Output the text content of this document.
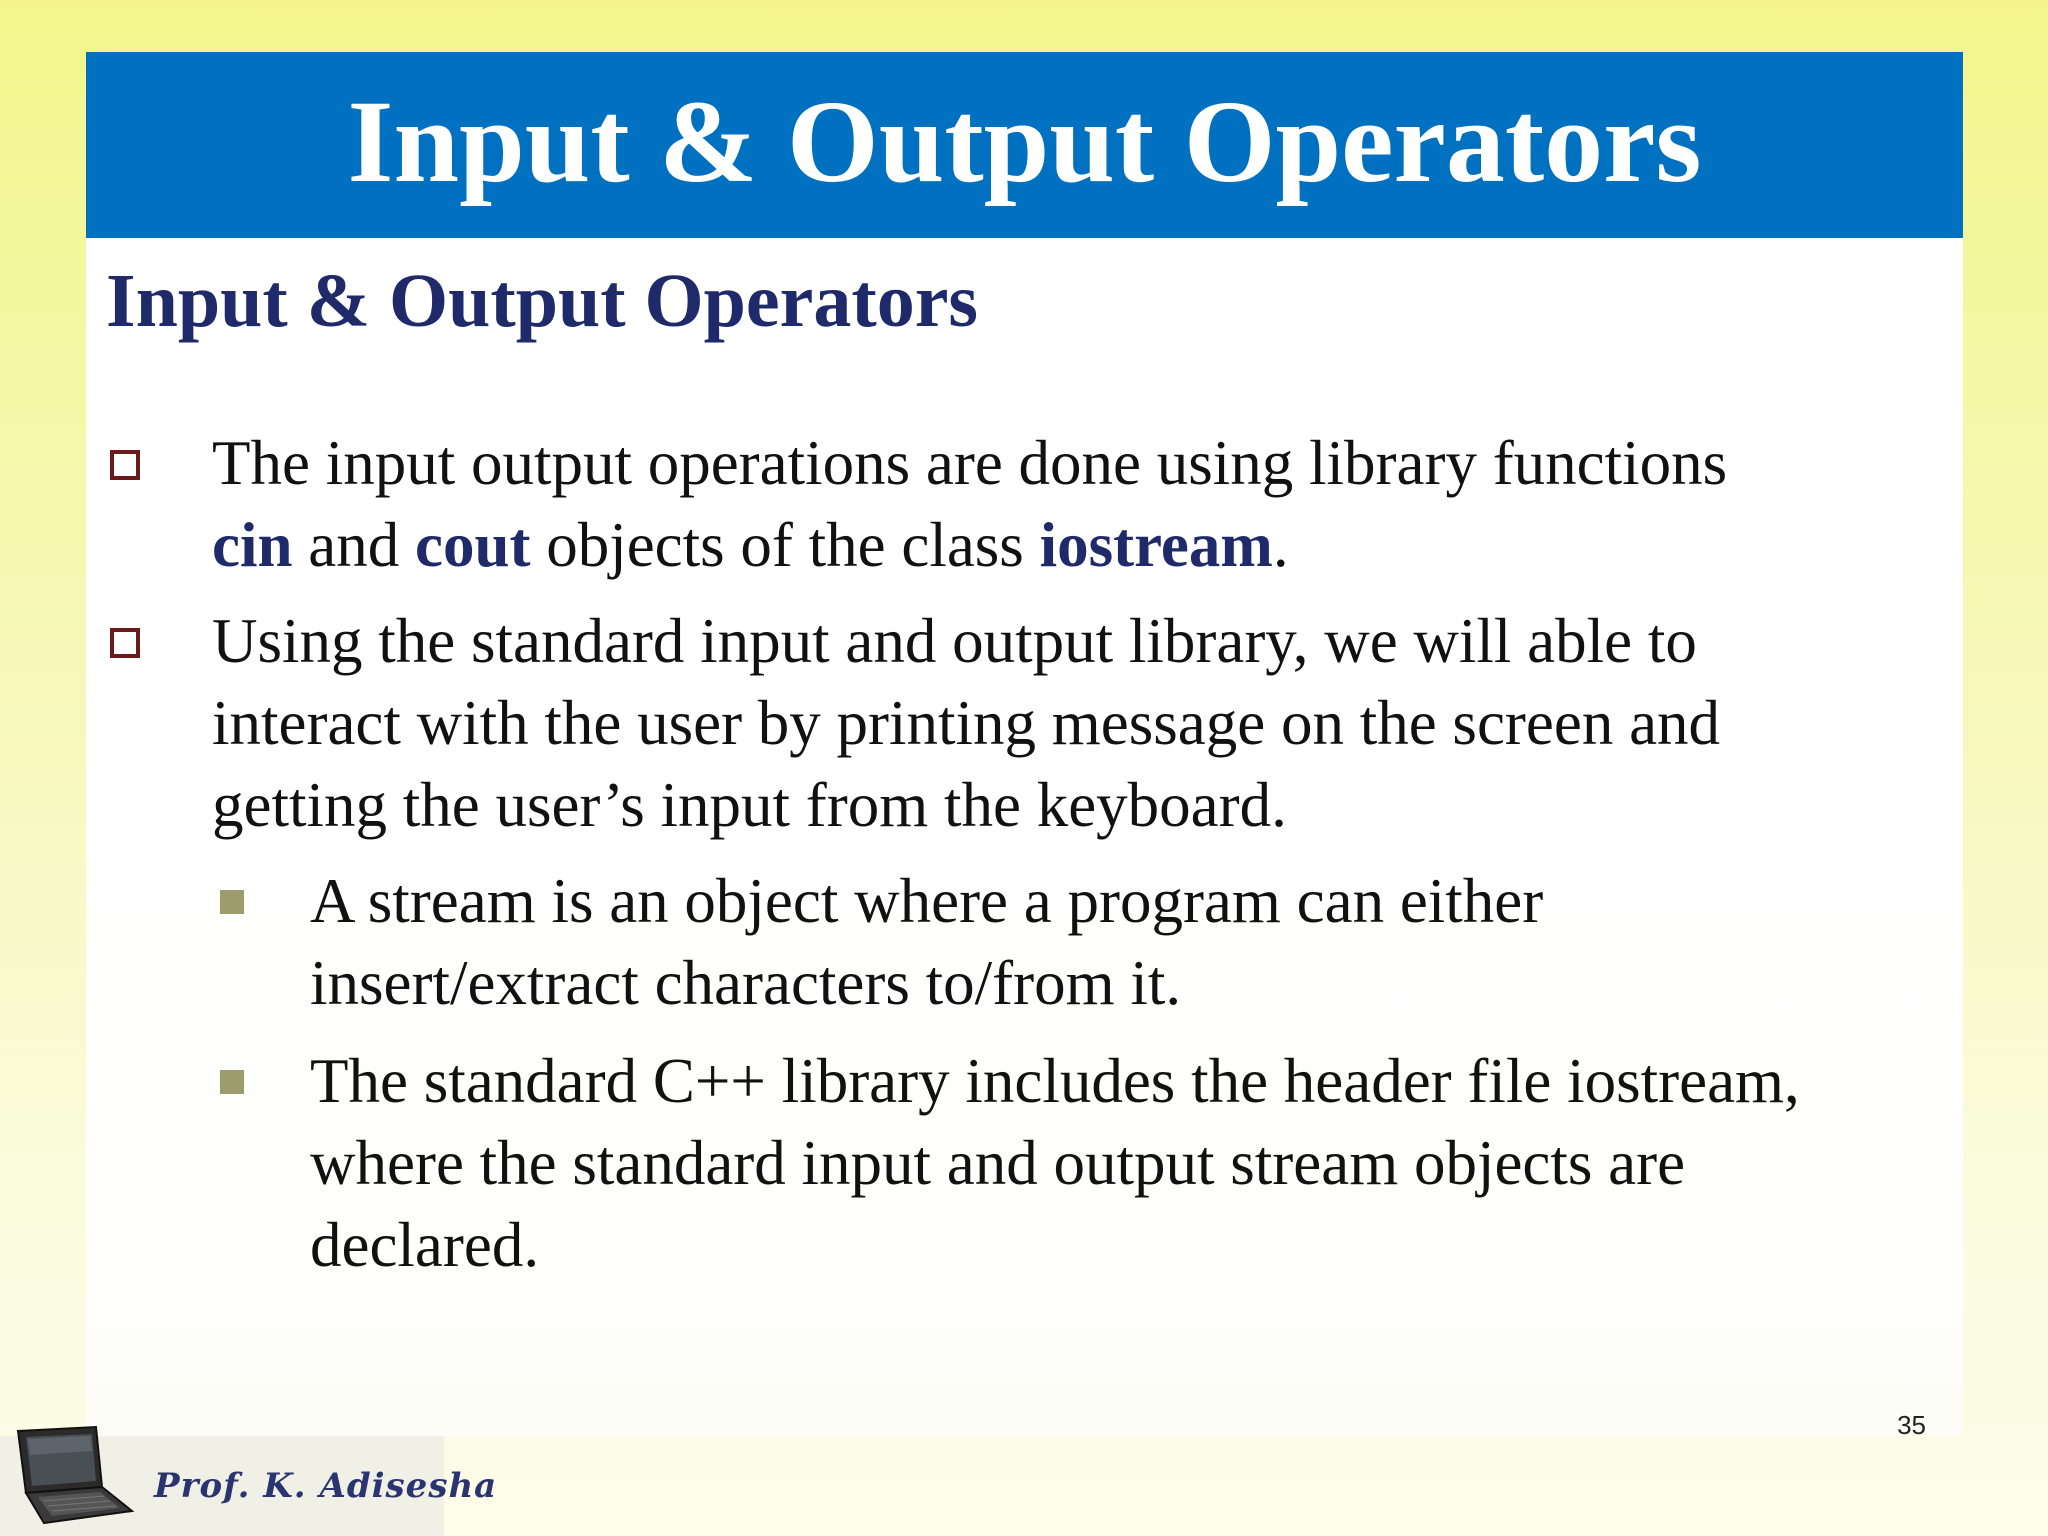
Input & Output Operators
Input & Output Operators
The input output operations are done using library functions
cin and cout objects of the class iostream.
Using the standard input and output library, we will able to
interact with the user by printing message on the screen and
getting the user’s input from the keyboard.
A stream is an object where a program can either
insert/extract characters to/from it.
The standard C++ library includes the header file iostream,
where the standard input and output stream objects are
declared.
35
Prof. K. Adisesha
